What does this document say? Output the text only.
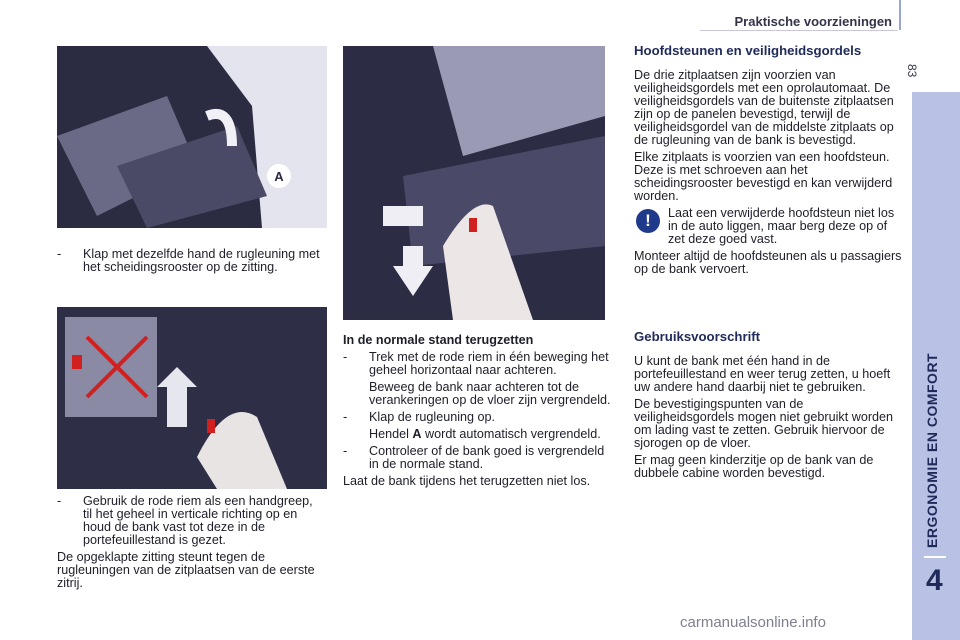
Praktische voorzieningen
83
ERGONOMIE EN COMFORT
4
A
- Klap met dezelfde hand de rugleuning met het scheidingsrooster op de zitting.
- Gebruik de rode riem als een handgreep, til het geheel in verticale richting op en houd de bank vast tot deze in de portefeuillestand is gezet.
De opgeklapte zitting steunt tegen de rugleuningen van de zitplaatsen van de eerste zitrij.
In de normale stand terugzetten
- Trek met de rode riem in één beweging het geheel horizontaal naar achteren.
Beweeg de bank naar achteren tot de verankeringen op de vloer zijn vergrendeld.
- Klap de rugleuning op.
Hendel A wordt automatisch vergrendeld.
- Controleer of de bank goed is vergrendeld in de normale stand.
Laat de bank tijdens het terugzetten niet los.
Hoofdsteunen en veiligheidsgordels
De drie zitplaatsen zijn voorzien van veiligheidsgordels met een oprolautomaat. De veiligheidsgordels van de buitenste zitplaatsen zijn op de panelen bevestigd, terwijl de veiligheidsgordel van de middelste zitplaats op de rugleuning van de bank is bevestigd.
Elke zitplaats is voorzien van een hoofdsteun. Deze is met schroeven aan het scheidingsrooster bevestigd en kan verwijderd worden.
!	Laat een verwijderde hoofdsteun niet los in de auto liggen, maar berg deze op of zet deze goed vast.
Monteer altijd de hoofdsteunen als u passagiers op de bank vervoert.
Gebruiksvoorschrift
U kunt de bank met één hand in de portefeuillestand en weer terug zetten, u hoeft uw andere hand daarbij niet te gebruiken.
De bevestigingspunten van de veiligheidsgordels mogen niet gebruikt worden om lading vast te zetten. Gebruik hiervoor de sjorogen op de vloer.
Er mag geen kinderzitje op de bank van de dubbele cabine worden bevestigd.
carmanualsonline.info
